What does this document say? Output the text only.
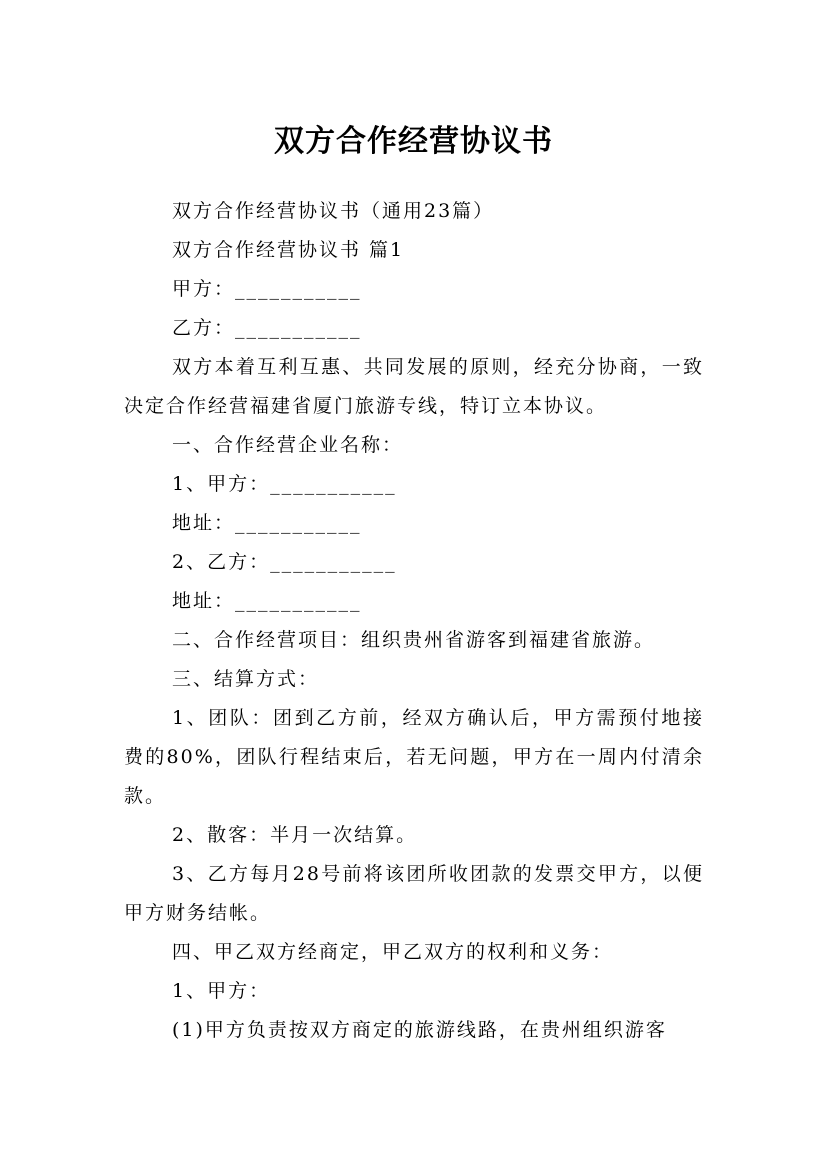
双方合作经营协议书

双方合作经营协议书（通用23篇）

双方合作经营协议书 篇1

甲方：___________

乙方：___________

双方本着互利互惠、共同发展的原则，经充分协商，一致决定合作经营福建省厦门旅游专线，特订立本协议。

一、合作经营企业名称：

1、甲方：___________

地址：___________

2、乙方：___________

地址：___________

二、合作经营项目：组织贵州省游客到福建省旅游。

三、结算方式：

1、团队：团到乙方前，经双方确认后，甲方需预付地接费的80%，团队行程结束后，若无问题，甲方在一周内付清余款。

2、散客：半月一次结算。

3、乙方每月28号前将该团所收团款的发票交甲方，以便甲方财务结帐。

四、甲乙双方经商定，甲乙双方的权利和义务：

1、甲方：

(1)甲方负责按双方商定的旅游线路，在贵州组织游客
